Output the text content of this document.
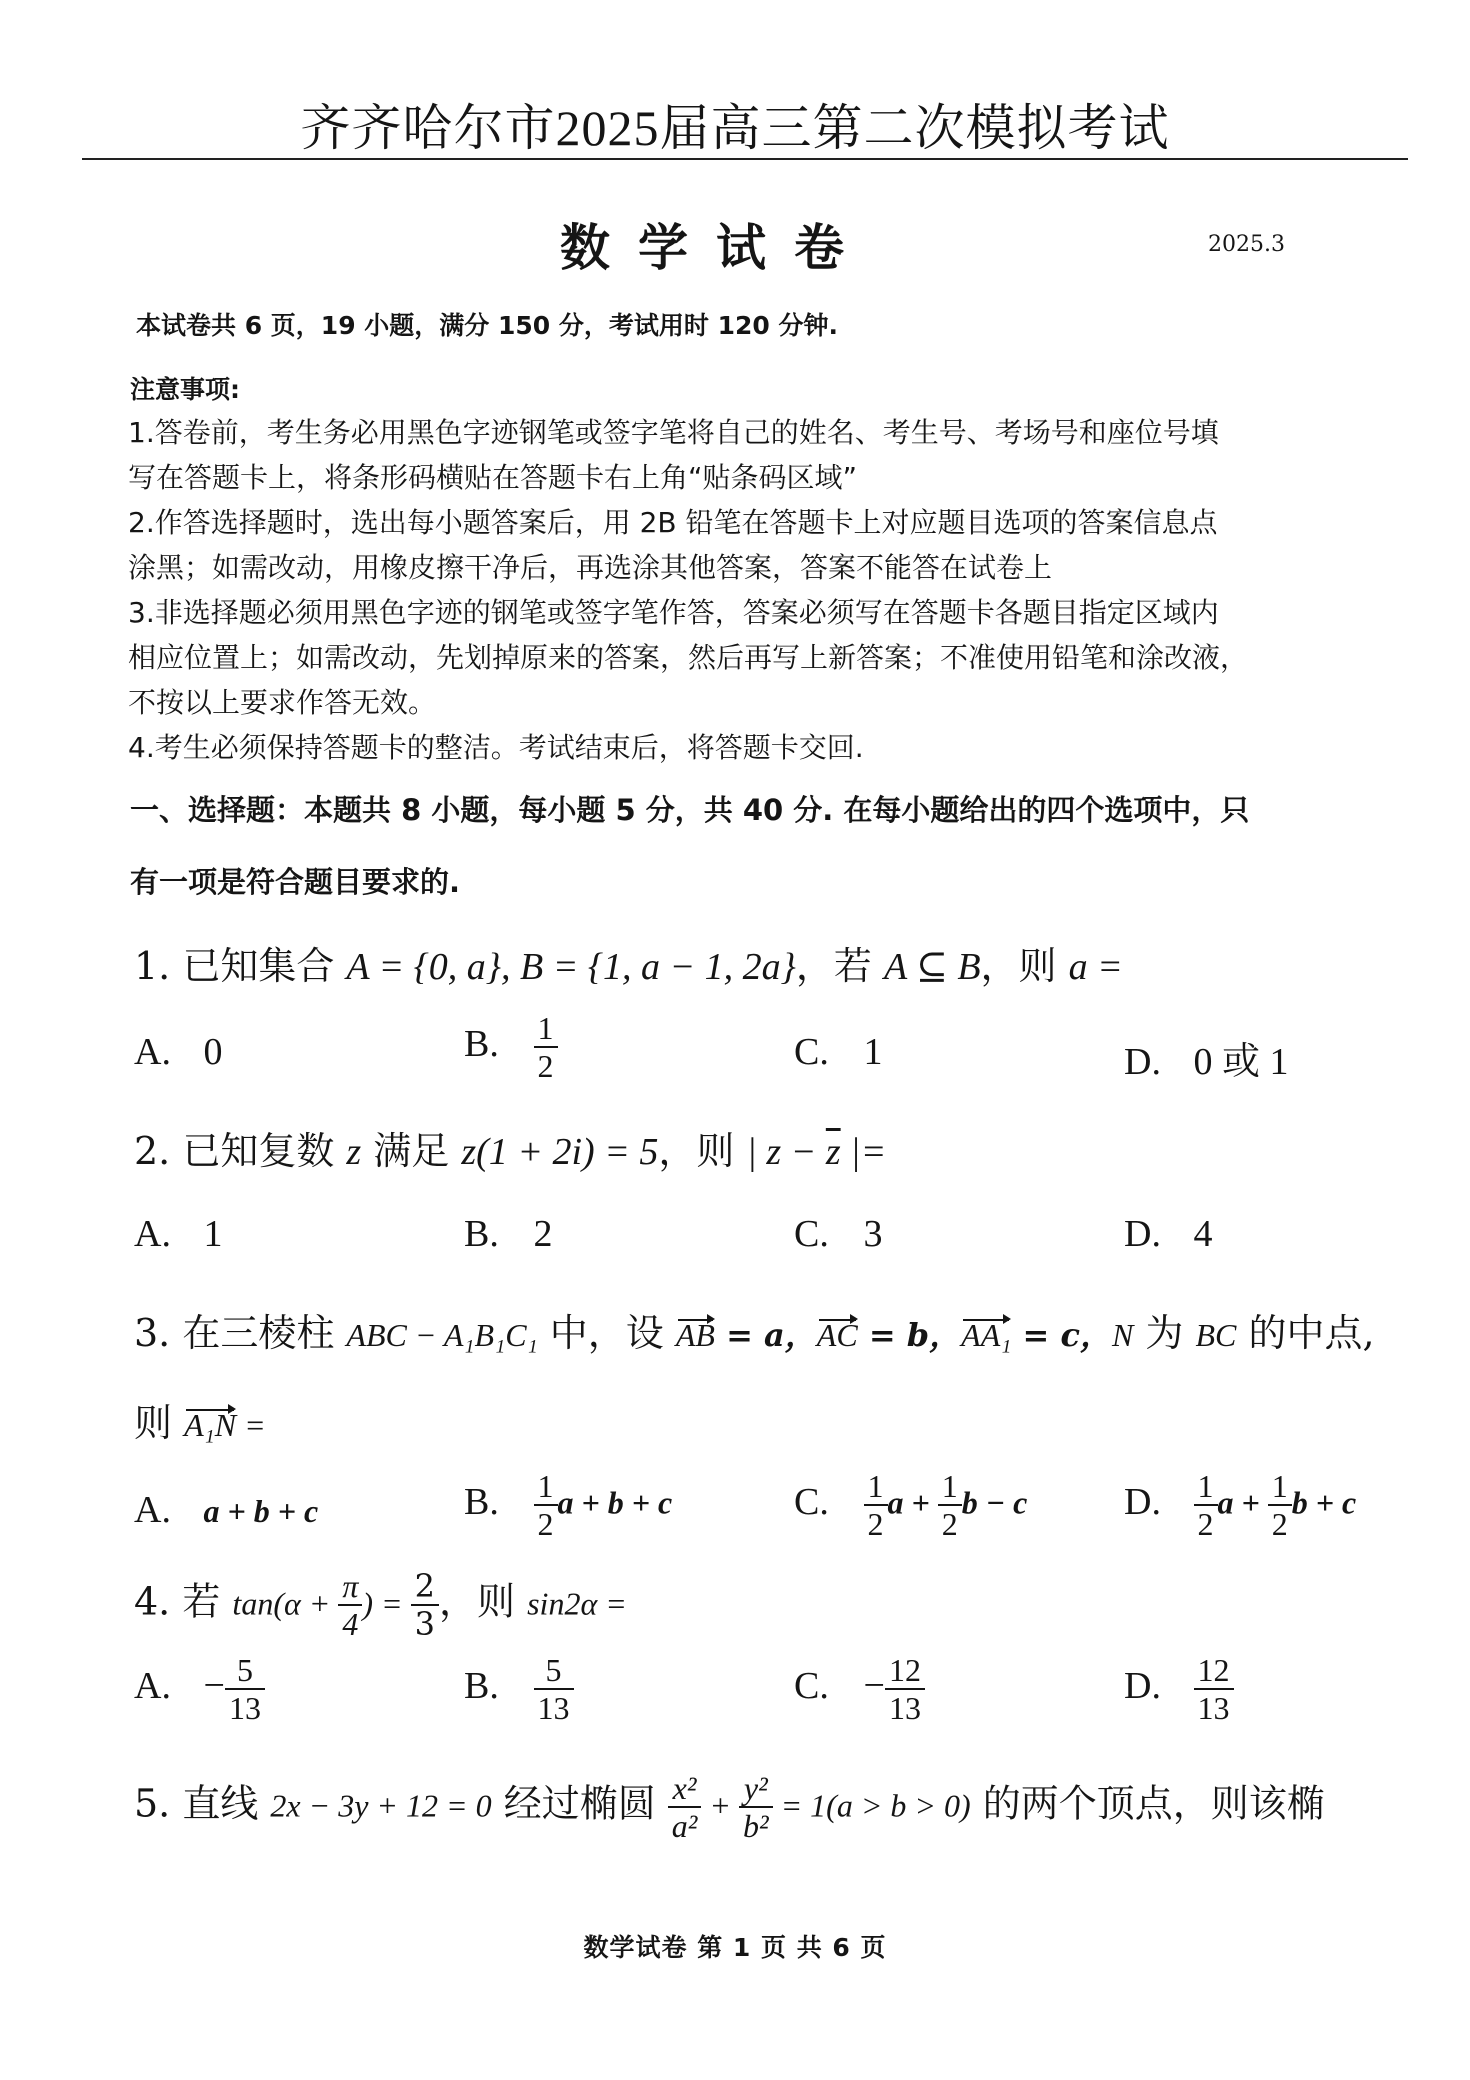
齐齐哈尔市2025届高三第二次模拟考试
数学试卷	2025.3
本试卷共 6 页，19 小题，满分 150 分，考试用时 120 分钟.
注意事项:
1.答卷前，考生务必用黑色字迹钢笔或签字笔将自己的姓名、考生号、考场号和座位号填
写在答题卡上，将条形码横贴在答题卡右上角“贴条码区域”
2.作答选择题时，选出每小题答案后，用 2B 铅笔在答题卡上对应题目选项的答案信息点
涂黑；如需改动，用橡皮擦干净后，再选涂其他答案，答案不能答在试卷上
3.非选择题必须用黑色字迹的钢笔或签字笔作答，答案必须写在答题卡各题目指定区域内
相应位置上；如需改动，先划掉原来的答案，然后再写上新答案；不准使用铅笔和涂改液，
不按以上要求作答无效。
4.考生必须保持答题卡的整洁。考试结束后，将答题卡交回.
一、选择题：本题共 8 小题，每小题 5 分，共 40 分. 在每小题给出的四个选项中，只
有一项是符合题目要求的.
1. 已知集合 A = {0, a}, B = {1, a − 1, 2a}，若 A ⊆ B，则 a =
A. 0	B. $\frac{1}{2}$	C. 1	D. 0 或 1
2. 已知复数 z 满足 z(1 + 2i) = 5，则 | $z - \overline{z}$ |=
A. 1	B. 2	C. 3	D. 4
3. 在三棱柱 ABC − A₁B₁C₁ 中，设 AB = a，AC = b，AA₁ = c，N 为 BC 的中点,
则 A₁N =
A. a + b + c	B. $\frac{1}{2}$ a + b + c	C. $\frac{1}{2}$ $a + \frac{1}{2}$ b − c	D. $\frac{1}{2}$ $a + \frac{1}{2}$ b + c
4. 若 $\tan(\alpha + \frac{\pi}{4}$ ) = $\frac{2}{3}$ ，则 sin2α =
A. − $\frac{5}{13}$	B. $\frac{5}{13}$	C. − $\frac{12}{13}$	D. $\frac{12}{13}$
5. 直线 2x − 3y + 12 = 0 经过椭圆 $\frac{\text{x²}}{\text{a²}} + \frac{\text{y²}}{\text{b²}} = 1(a > b > 0)$ 的两个顶点，则该椭
数学试卷 第 1 页 共 6 页
